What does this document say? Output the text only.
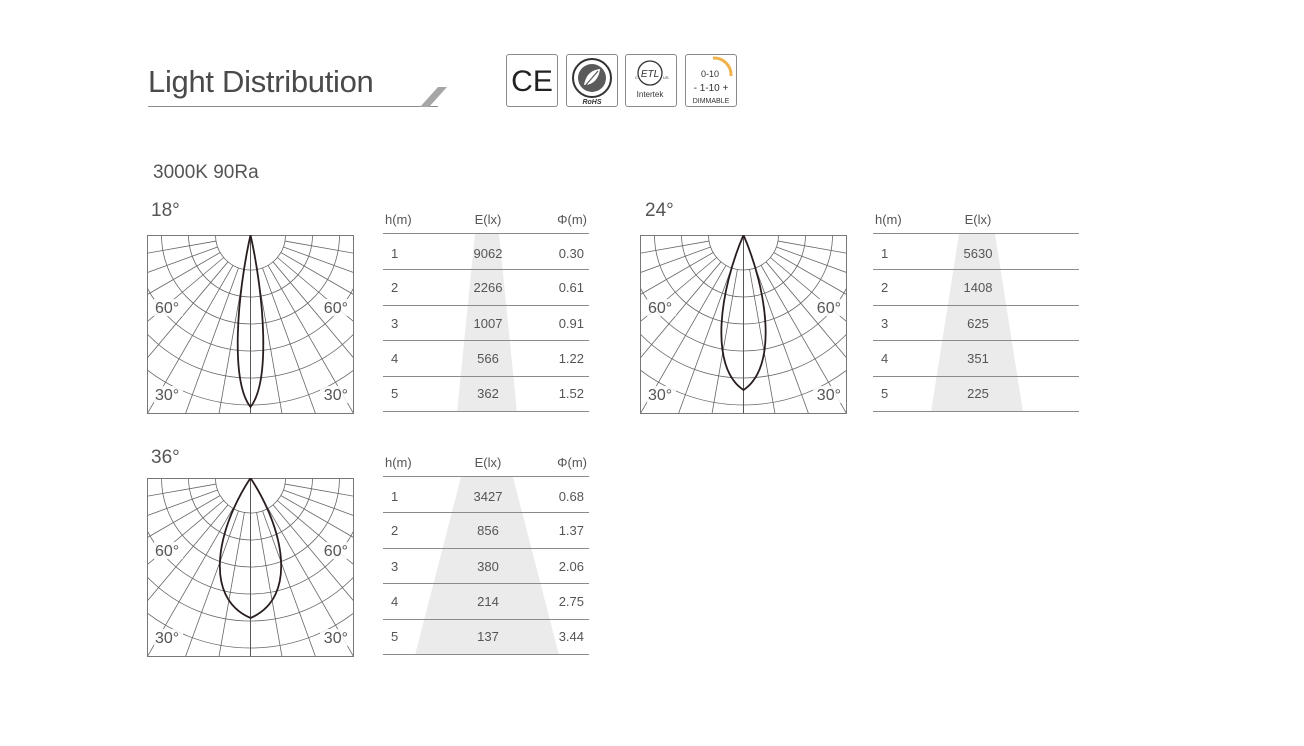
Light Distribution	CE
RoHS
ETL
C	US
Intertek
0-10
- 1-10 +
DIMMABLE
3000K 90Ra
18°	24°
36°
60°	60°
30°	30°
60°	60°
30°	30°
60°	60°
30°	30°
h(m)	E(lx)	Φ(m)
1	9062	0.30
2	2266	0.61
3	1007	0.91
4	566	1.22
5	362	1.52
h(m)	E(lx)
1	5630
2	1408
3	625
4	351
5	225
h(m)	E(lx)	Φ(m)
1	3427	0.68
2	856	1.37
3	380	2.06
4	214	2.75
5	137	3.44
